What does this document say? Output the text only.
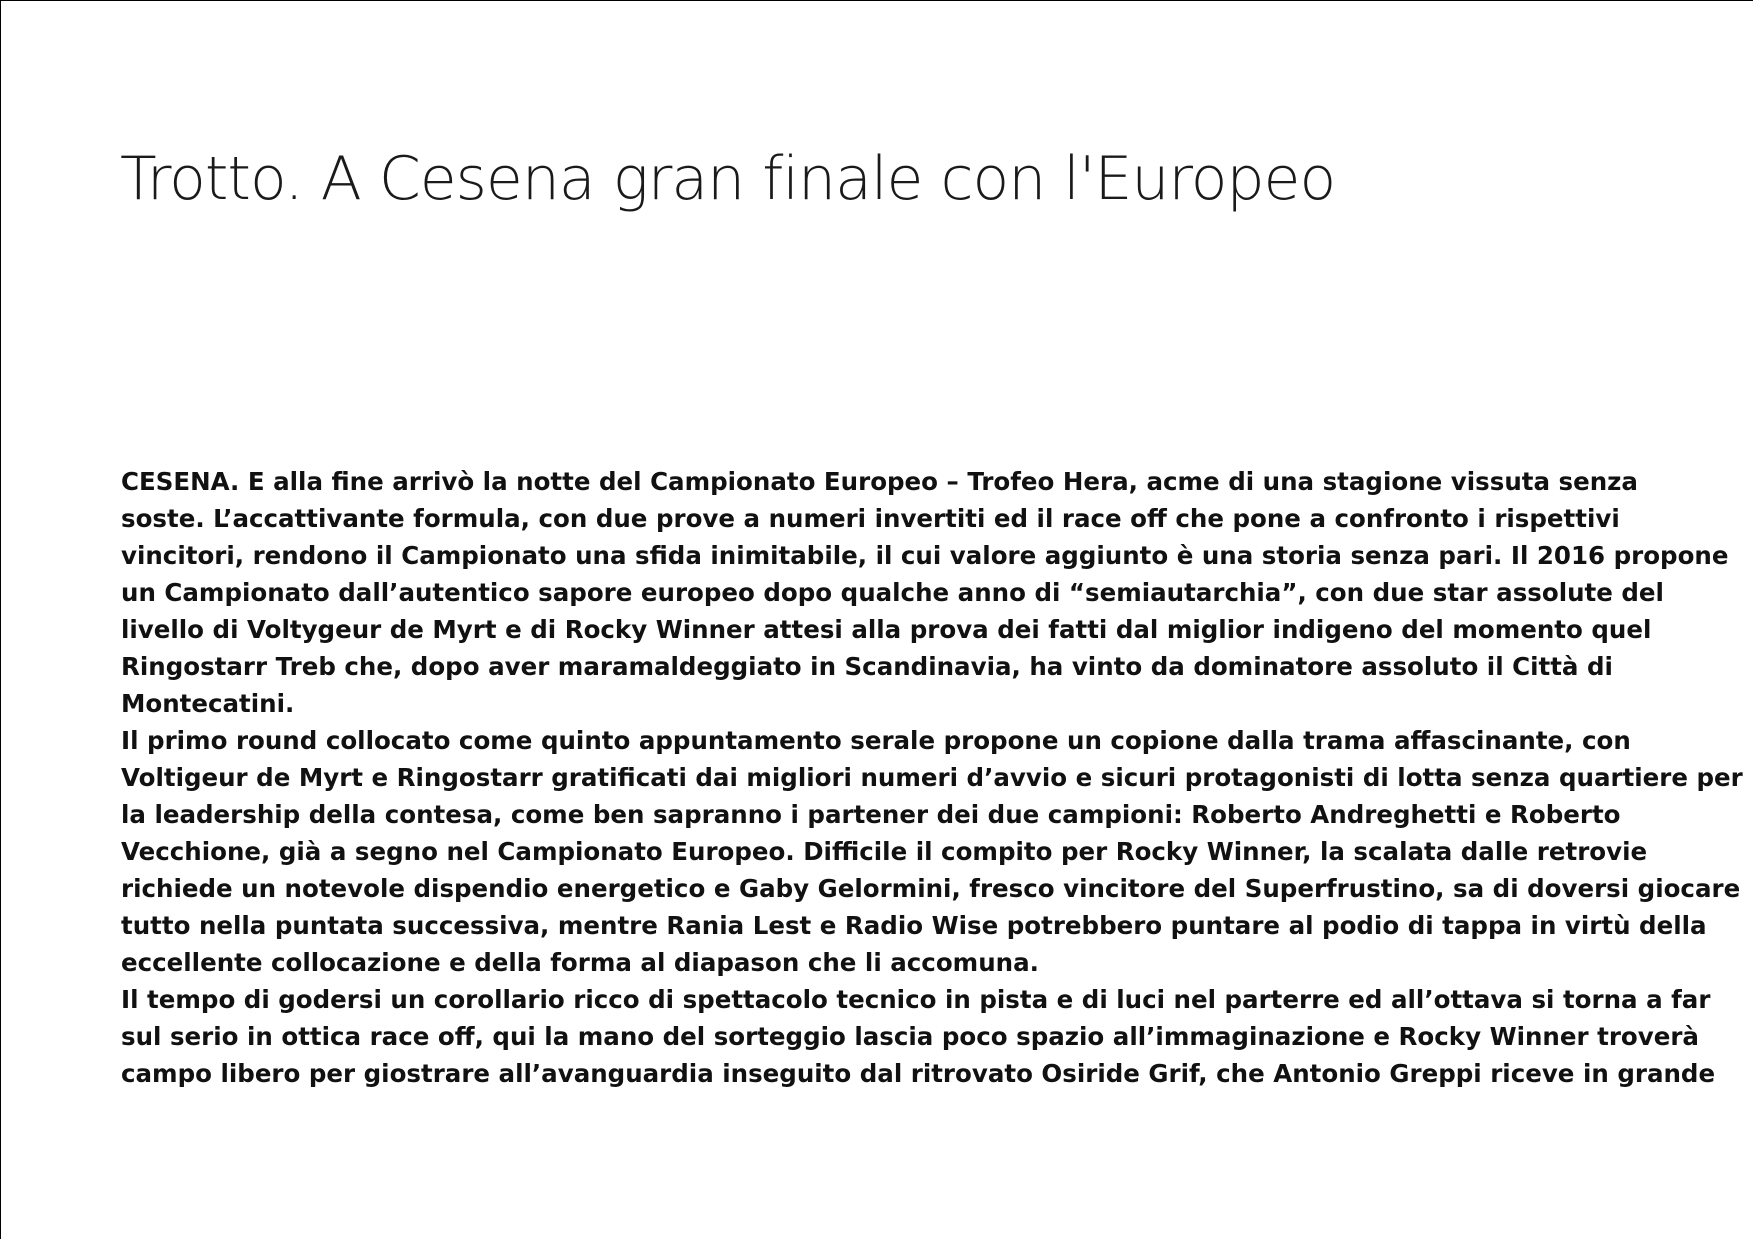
Trotto. A Cesena gran finale con l'Europeo
CESENA. E alla fine arrivò la notte del Campionato Europeo – Trofeo Hera, acme di una stagione vissuta senza
soste. L’accattivante formula, con due prove a numeri invertiti ed il race off che pone a confronto i rispettivi
vincitori, rendono il Campionato una sfida inimitabile, il cui valore aggiunto è una storia senza pari. Il 2016 propone
un Campionato dall’autentico sapore europeo dopo qualche anno di “semiautarchia”, con due star assolute del
livello di Voltygeur de Myrt e di Rocky Winner attesi alla prova dei fatti dal miglior indigeno del momento quel
Ringostarr Treb che, dopo aver maramaldeggiato in Scandinavia, ha vinto da dominatore assoluto il Città di
Montecatini.
Il primo round collocato come quinto appuntamento serale propone un copione dalla trama affascinante, con
Voltigeur de Myrt e Ringostarr gratificati dai migliori numeri d’avvio e sicuri protagonisti di lotta senza quartiere per
la leadership della contesa, come ben sapranno i partener dei due campioni: Roberto Andreghetti e Roberto
Vecchione, già a segno nel Campionato Europeo. Difficile il compito per Rocky Winner, la scalata dalle retrovie
richiede un notevole dispendio energetico e Gaby Gelormini, fresco vincitore del Superfrustino, sa di doversi giocare
tutto nella puntata successiva, mentre Rania Lest e Radio Wise potrebbero puntare al podio di tappa in virtù della
eccellente collocazione e della forma al diapason che li accomuna.
Il tempo di godersi un corollario ricco di spettacolo tecnico in pista e di luci nel parterre ed all’ottava si torna a far
sul serio in ottica race off, qui la mano del sorteggio lascia poco spazio all’immaginazione e Rocky Winner troverà
campo libero per giostrare all’avanguardia inseguito dal ritrovato Osiride Grif, che Antonio Greppi riceve in grande
